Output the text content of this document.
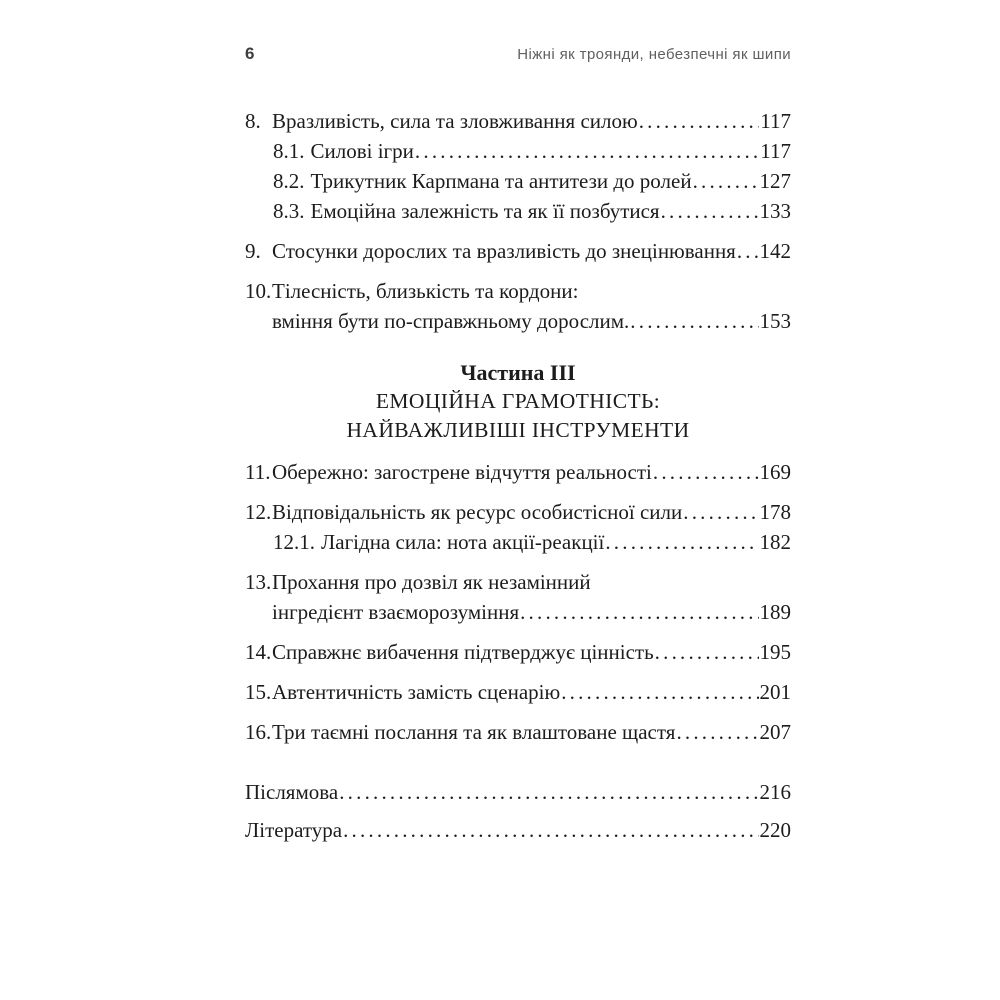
6	Ніжні як троянди, небезпечні як шипи
8. Вразливість, сила та зловживання силою .....	117
8.1. Силові ігри .....	117
8.2. Трикутник Карпмана та антитези до ролей .....	127
8.3. Емоційна залежність та як її позбутися .....	133
9. Стосунки дорослих та вразливість до знецінювання ..... 142
10. Тілесність, близькість та кордони:
вміння бути по-справжньому дорослим. .....	153
Частина III
ЕМОЦІЙНА ГРАМОТНІСТЬ:
НАЙВАЖЛИВІШІ ІНСТРУМЕНТИ
11. Обережно: загострене відчуття реальності .....	169
12. Відповідальність як ресурс особистісної сили .....	178
12.1. Лагідна сила: нота акції-реакції .....	182
13. Прохання про дозвіл як незамінний
інгредієнт взаєморозуміння .....	189
14. Справжнє вибачення підтверджує цінність .....	195
15. Автентичність замість сценарію .....	201
16. Три таємні послання та як влаштоване щастя .....	207
Післямова .....	216
Література .....	220
